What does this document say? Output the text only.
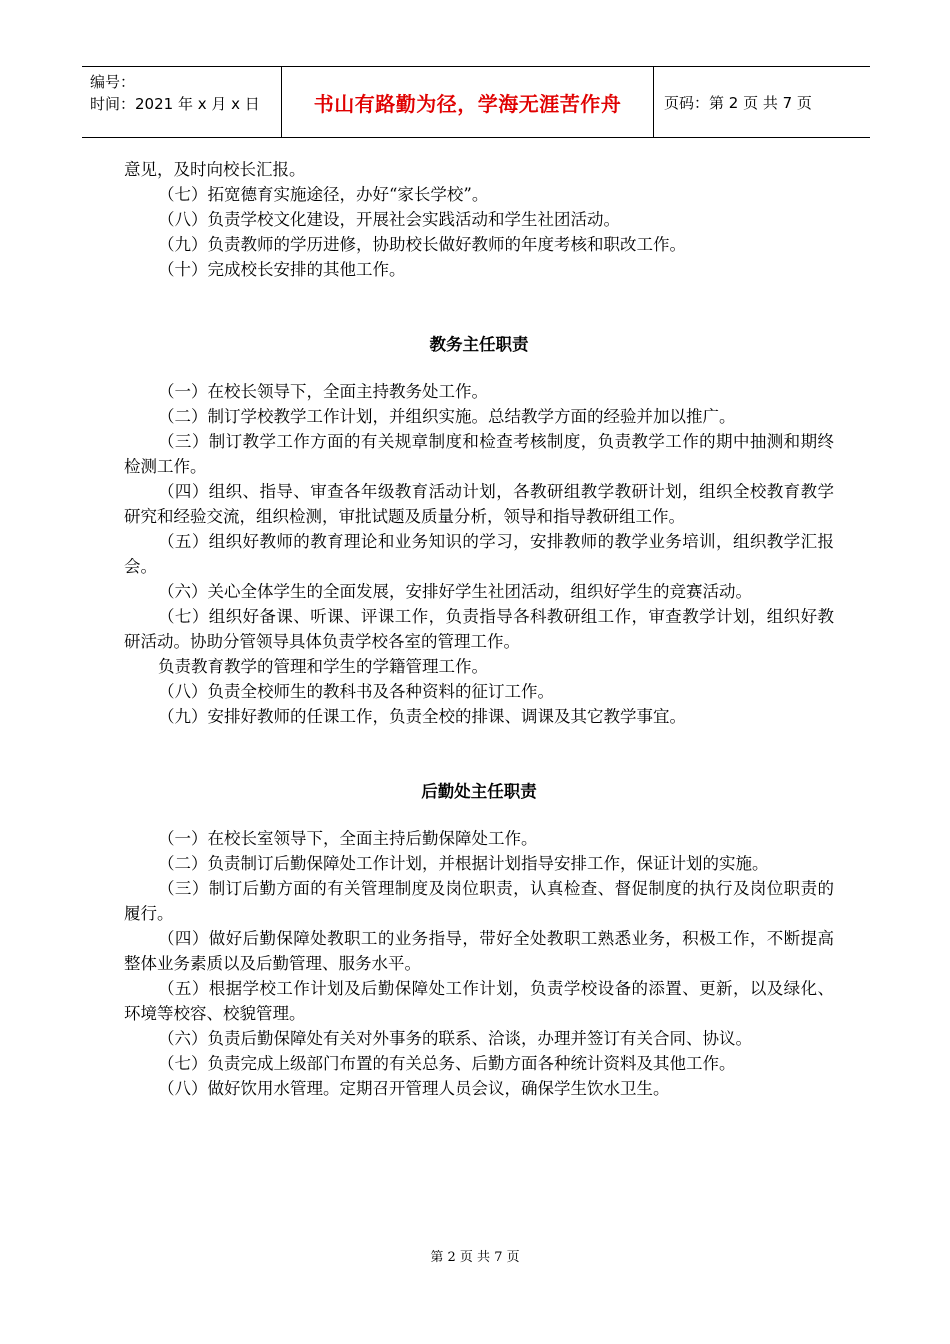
编号：
时间：2021 年 x 月 x 日	书山有路勤为径，学海无涯苦作舟	页码：第 2 页 共 7 页

意见，及时向校长汇报。

（七）拓宽德育实施途径，办好“家长学校”。

（八）负责学校文化建设，开展社会实践活动和学生社团活动。

（九）负责教师的学历进修，协助校长做好教师的年度考核和职改工作。

（十）完成校长安排的其他工作。

教务主任职责

（一）在校长领导下，全面主持教务处工作。

（二）制订学校教学工作计划，并组织实施。总结教学方面的经验并加以推广。

（三）制订教学工作方面的有关规章制度和检查考核制度，负责教学工作的期中抽测和期终检测工作。

（四）组织、指导、审查各年级教育活动计划，各教研组教学教研计划，组织全校教育教学研究和经验交流，组织检测，审批试题及质量分析，领导和指导教研组工作。

（五）组织好教师的教育理论和业务知识的学习，安排教师的教学业务培训，组织教学汇报会。

（六）关心全体学生的全面发展，安排好学生社团活动，组织好学生的竞赛活动。

（七）组织好备课、听课、评课工作，负责指导各科教研组工作，审查教学计划，组织好教研活动。协助分管领导具体负责学校各室的管理工作。

负责教育教学的管理和学生的学籍管理工作。

（八）负责全校师生的教科书及各种资料的征订工作。

（九）安排好教师的任课工作，负责全校的排课、调课及其它教学事宜。

后勤处主任职责

（一）在校长室领导下，全面主持后勤保障处工作。

（二）负责制订后勤保障处工作计划，并根据计划指导安排工作，保证计划的实施。

（三）制订后勤方面的有关管理制度及岗位职责，认真检查、督促制度的执行及岗位职责的履行。

（四）做好后勤保障处教职工的业务指导，带好全处教职工熟悉业务，积极工作，不断提高整体业务素质以及后勤管理、服务水平。

（五）根据学校工作计划及后勤保障处工作计划，负责学校设备的添置、更新，以及绿化、环境等校容、校貌管理。

（六）负责后勤保障处有关对外事务的联系、洽谈，办理并签订有关合同、协议。

（七）负责完成上级部门布置的有关总务、后勤方面各种统计资料及其他工作。

（八）做好饮用水管理。定期召开管理人员会议，确保学生饮水卫生。

第 2 页 共 7 页
